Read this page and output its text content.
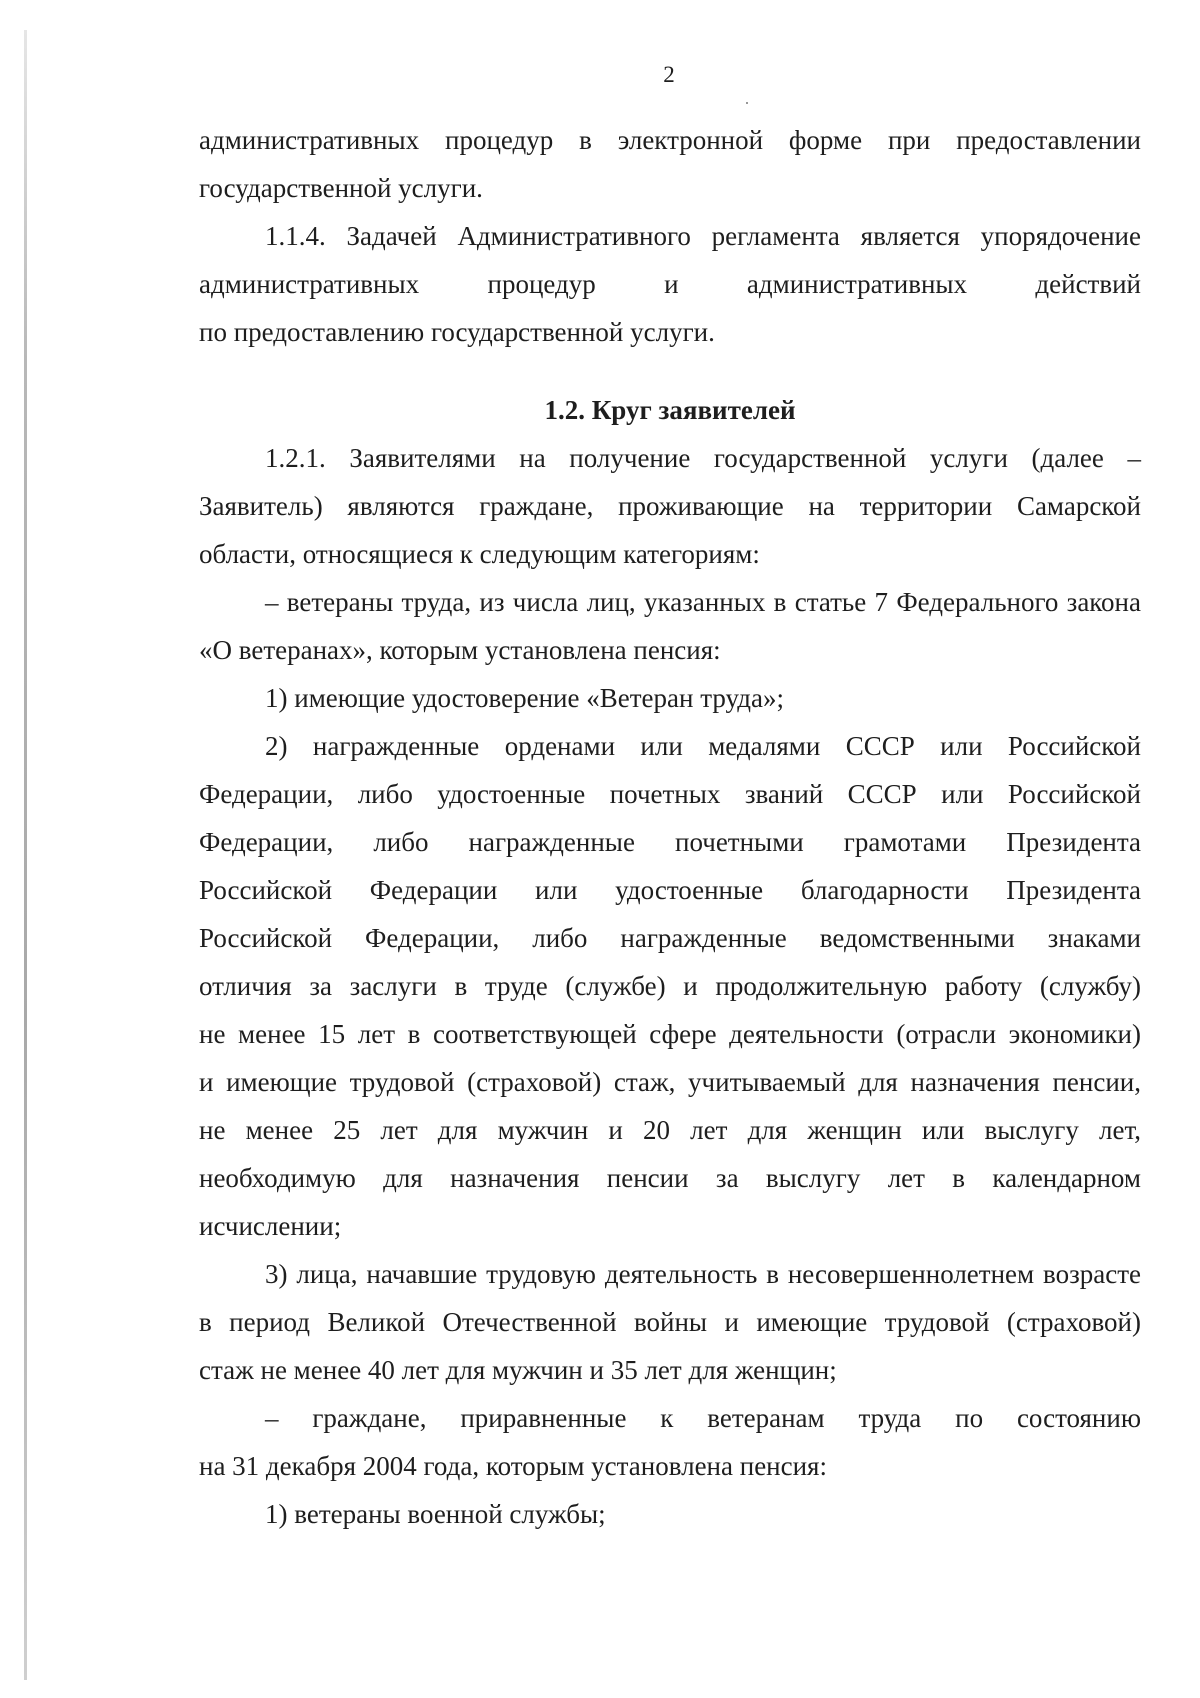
2

административных процедур в электронной форме при предоставлении
государственной услуги.

1.1.4. Задачей Административного регламента является упорядочение
административных процедур и административных действий
по предоставлению государственной услуги.

1.2. Круг заявителей

1.2.1. Заявителями на получение государственной услуги (далее –
Заявитель) являются граждане, проживающие на территории Самарской
области, относящиеся к следующим категориям:

– ветераны труда, из числа лиц, указанных в статье 7 Федерального закона
«О ветеранах», которым установлена пенсия:

1) имеющие удостоверение «Ветеран труда»;

2) награжденные орденами или медалями СССР или Российской
Федерации, либо удостоенные почетных званий СССР или Российской
Федерации, либо награжденные почетными грамотами Президента
Российской Федерации или удостоенные благодарности Президента
Российской Федерации, либо награжденные ведомственными знаками
отличия за заслуги в труде (службе) и продолжительную работу (службу)
не менее 15 лет в соответствующей сфере деятельности (отрасли экономики)
и имеющие трудовой (страховой) стаж, учитываемый для назначения пенсии,
не менее 25 лет для мужчин и 20 лет для женщин или выслугу лет,
необходимую для назначения пенсии за выслугу лет в календарном
исчислении;

3) лица, начавшие трудовую деятельность в несовершеннолетнем возрасте
в период Великой Отечественной войны и имеющие трудовой (страховой)
стаж не менее 40 лет для мужчин и 35 лет для женщин;

– граждане, приравненные к ветеранам труда по состоянию
на 31 декабря 2004 года, которым установлена пенсия:

1) ветераны военной службы;
